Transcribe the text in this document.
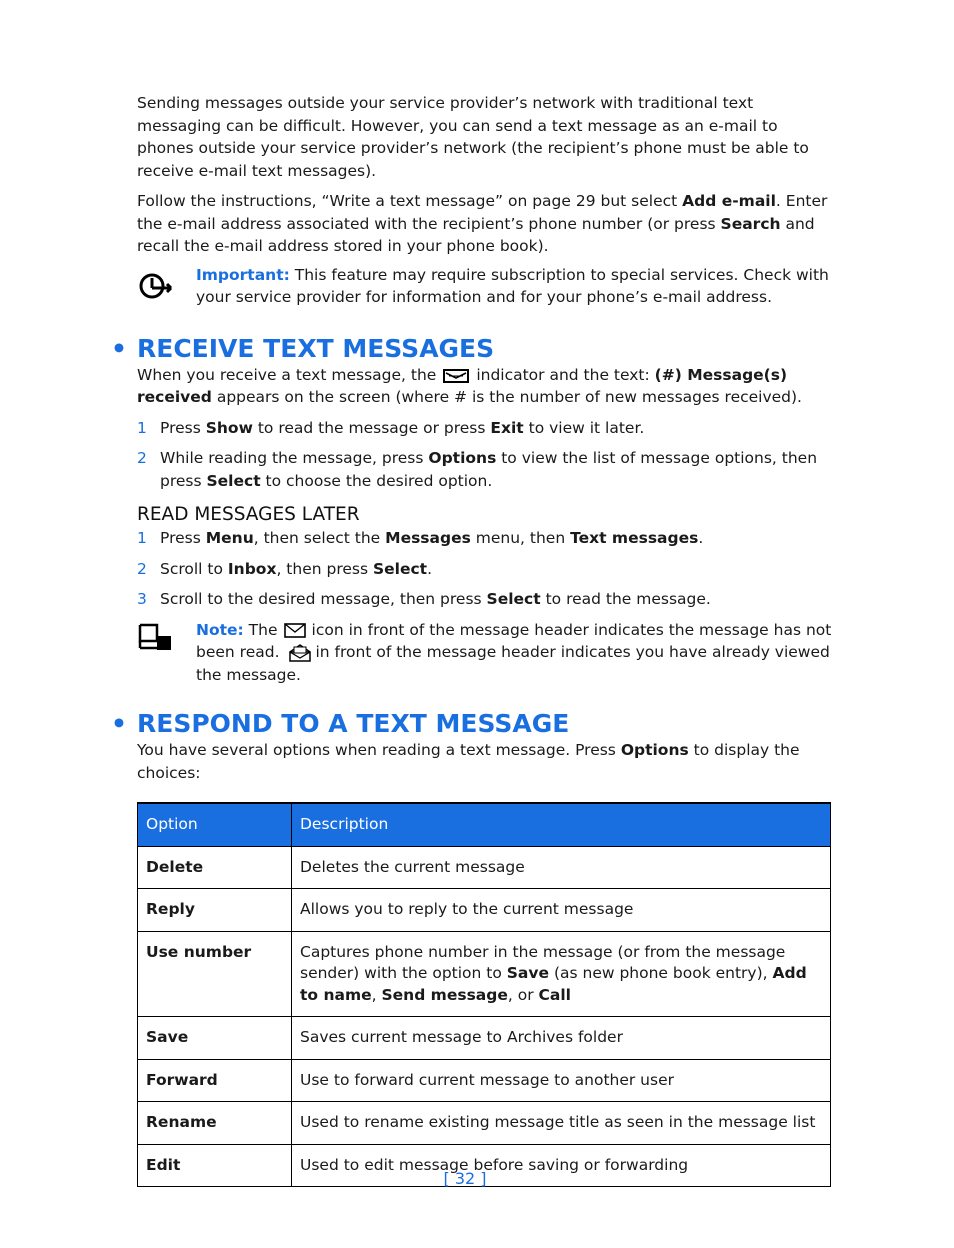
Sending messages outside your service provider’s network with traditional text messaging can be difficult. However, you can send a text message as an e-mail to phones outside your service provider’s network (the recipient’s phone must be able to receive e-mail text messages).

Follow the instructions, “Write a text message” on page 29 but select Add e-mail. Enter the e-mail address associated with the recipient’s phone number (or press Search and recall the e-mail address stored in your phone book).

Important: This feature may require subscription to special services. Check with your service provider for information and for your phone’s e-mail address.
• RECEIVE TEXT MESSAGES

When you receive a text message, the	indicator and the text: (#) Message(s) received appears on the screen (where # is the number of new messages received).

1 Press Show to read the message or press Exit to view it later.
2 While reading the message, press Options to view the list of message options, then press Select to choose the desired option.
READ MESSAGES LATER
1 Press Menu, then select the Messages menu, then Text messages.
2 Scroll to Inbox, then press Select.
3 Scroll to the desired message, then press Select to read the message.
Note: The icon in front of the message header indicates the message has not been read. in front of the message header indicates you have already viewed the message.
• RESPOND TO A TEXT MESSAGE

You have several options when reading a text message. Press Options to display the choices:

Option	Description
Delete	Deletes the current message
Reply	Allows you to reply to the current message
Use number	Captures phone number in the message (or from the message sender) with the option to Save (as new phone book entry), Add to name, Send message, or Call
Save	Saves current message to Archives folder
Forward	Use to forward current message to another user
Rename	Used to rename existing message title as seen in the message list
Edit	Used to edit message before saving or forwarding
[ 32 ]
